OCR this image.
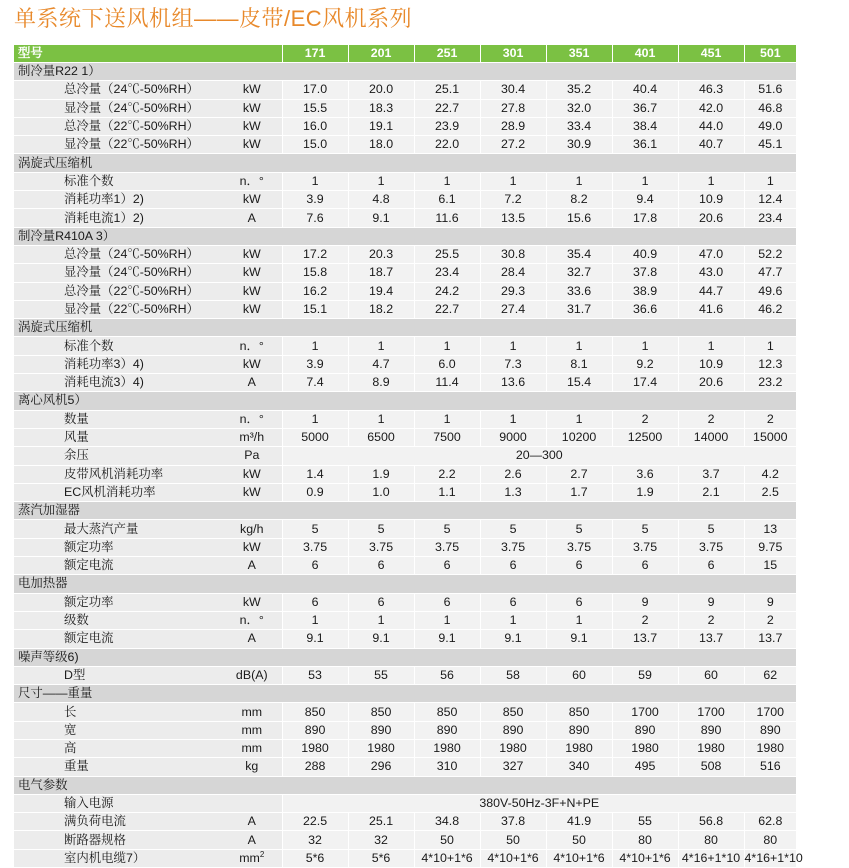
单系统下送风机组——皮带/EC风机系列
型号			171	201	251	301	351	401	451	501
制冷量R22 1）										
	总冷量（24℃-50%RH）	kW	17.0	20.0	25.1	30.4	35.2	40.4	46.3	51.6
	显冷量（24℃-50%RH）	kW	15.5	18.3	22.7	27.8	32.0	36.7	42.0	46.8
	总冷量（22℃-50%RH）	kW	16.0	19.1	23.9	28.9	33.4	38.4	44.0	49.0
	显冷量（22℃-50%RH）	kW	15.0	18.0	22.0	27.2	30.9	36.1	40.7	45.1
涡旋式压缩机										
	标准个数	n．°	1	1	1	1	1	1	1	1
	消耗功率1）2)	kW	3.9	4.8	6.1	7.2	8.2	9.4	10.9	12.4
	消耗电流1）2)	A	7.6	9.1	11.6	13.5	15.6	17.8	20.6	23.4
制冷量R410A 3）										
	总冷量（24℃-50%RH）	kW	17.2	20.3	25.5	30.8	35.4	40.9	47.0	52.2
	显冷量（24℃-50%RH）	kW	15.8	18.7	23.4	28.4	32.7	37.8	43.0	47.7
	总冷量（22℃-50%RH）	kW	16.2	19.4	24.2	29.3	33.6	38.9	44.7	49.6
	显冷量（22℃-50%RH）	kW	15.1	18.2	22.7	27.4	31.7	36.6	41.6	46.2
涡旋式压缩机										
	标准个数	n．°	1	1	1	1	1	1	1	1
	消耗功率3）4)	kW	3.9	4.7	6.0	7.3	8.1	9.2	10.9	12.3
	消耗电流3）4)	A	7.4	8.9	11.4	13.6	15.4	17.4	20.6	23.2
离心风机5）										
	数量	n．°	1	1	1	1	1	2	2	2
	风量	m³/h	5000	6500	7500	9000	10200	12500	14000	15000
	余压	Pa	20—300							
	皮带风机消耗功率	kW	1.4	1.9	2.2	2.6	2.7	3.6	3.7	4.2
	EC风机消耗功率	kW	0.9	1.0	1.1	1.3	1.7	1.9	2.1	2.5
蒸汽加湿器										
	最大蒸汽产量	kg/h	5	5	5	5	5	5	5	13
	额定功率	kW	3.75	3.75	3.75	3.75	3.75	3.75	3.75	9.75
	额定电流	A	6	6	6	6	6	6	6	15
电加热器										
	额定功率	kW	6	6	6	6	6	9	9	9
	级数	n．°	1	1	1	1	1	2	2	2
	额定电流	A	9.1	9.1	9.1	9.1	9.1	13.7	13.7	13.7
噪声等级6)										
	D型	dB(A)	53	55	56	58	60	59	60	62
尺寸——重量										
	长	mm	850	850	850	850	850	1700	1700	1700
	宽	mm	890	890	890	890	890	890	890	890
	高	mm	1980	1980	1980	1980	1980	1980	1980	1980
	重量	kg	288	296	310	327	340	495	508	516
电气参数										
	输入电源		380V-50Hz-3F+N+PE							
	满负荷电流	A	22.5	25.1	34.8	37.8	41.9	55	56.8	62.8
	断路器规格	A	32	32	50	50	50	80	80	80
	室内机电缆7）	$mm^2$	5*6	5*6	4*10+1*6	4*10+1*6	4*10+1*6	4*10+1*6	4*16+1*10	4*16+1*10
